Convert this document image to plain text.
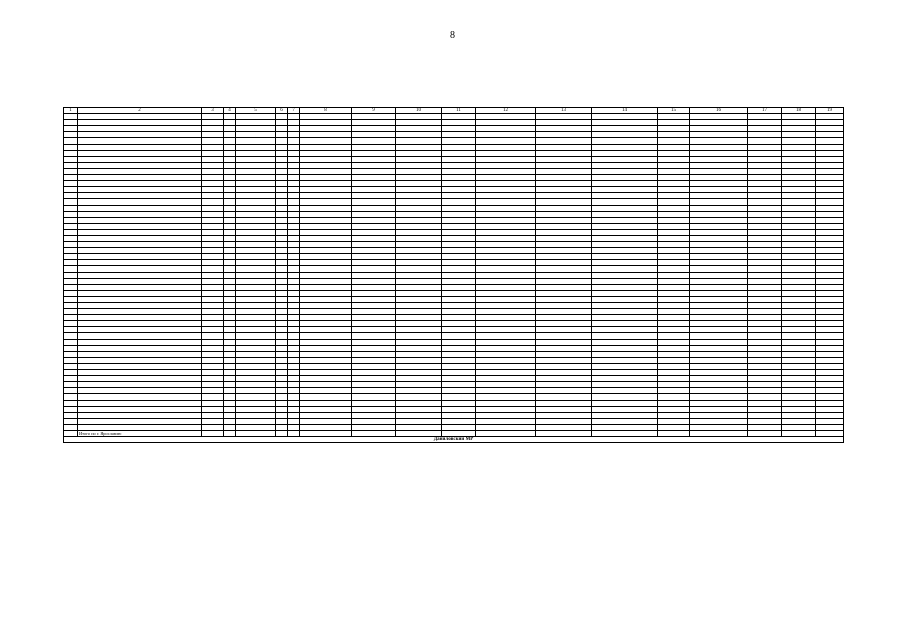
8
1	2	3	4	5	6	7	8	9	10	11	12	13	14	15	16	17	18	19

	Итого по г. Ярославлю																	
Даниловский МР																		
